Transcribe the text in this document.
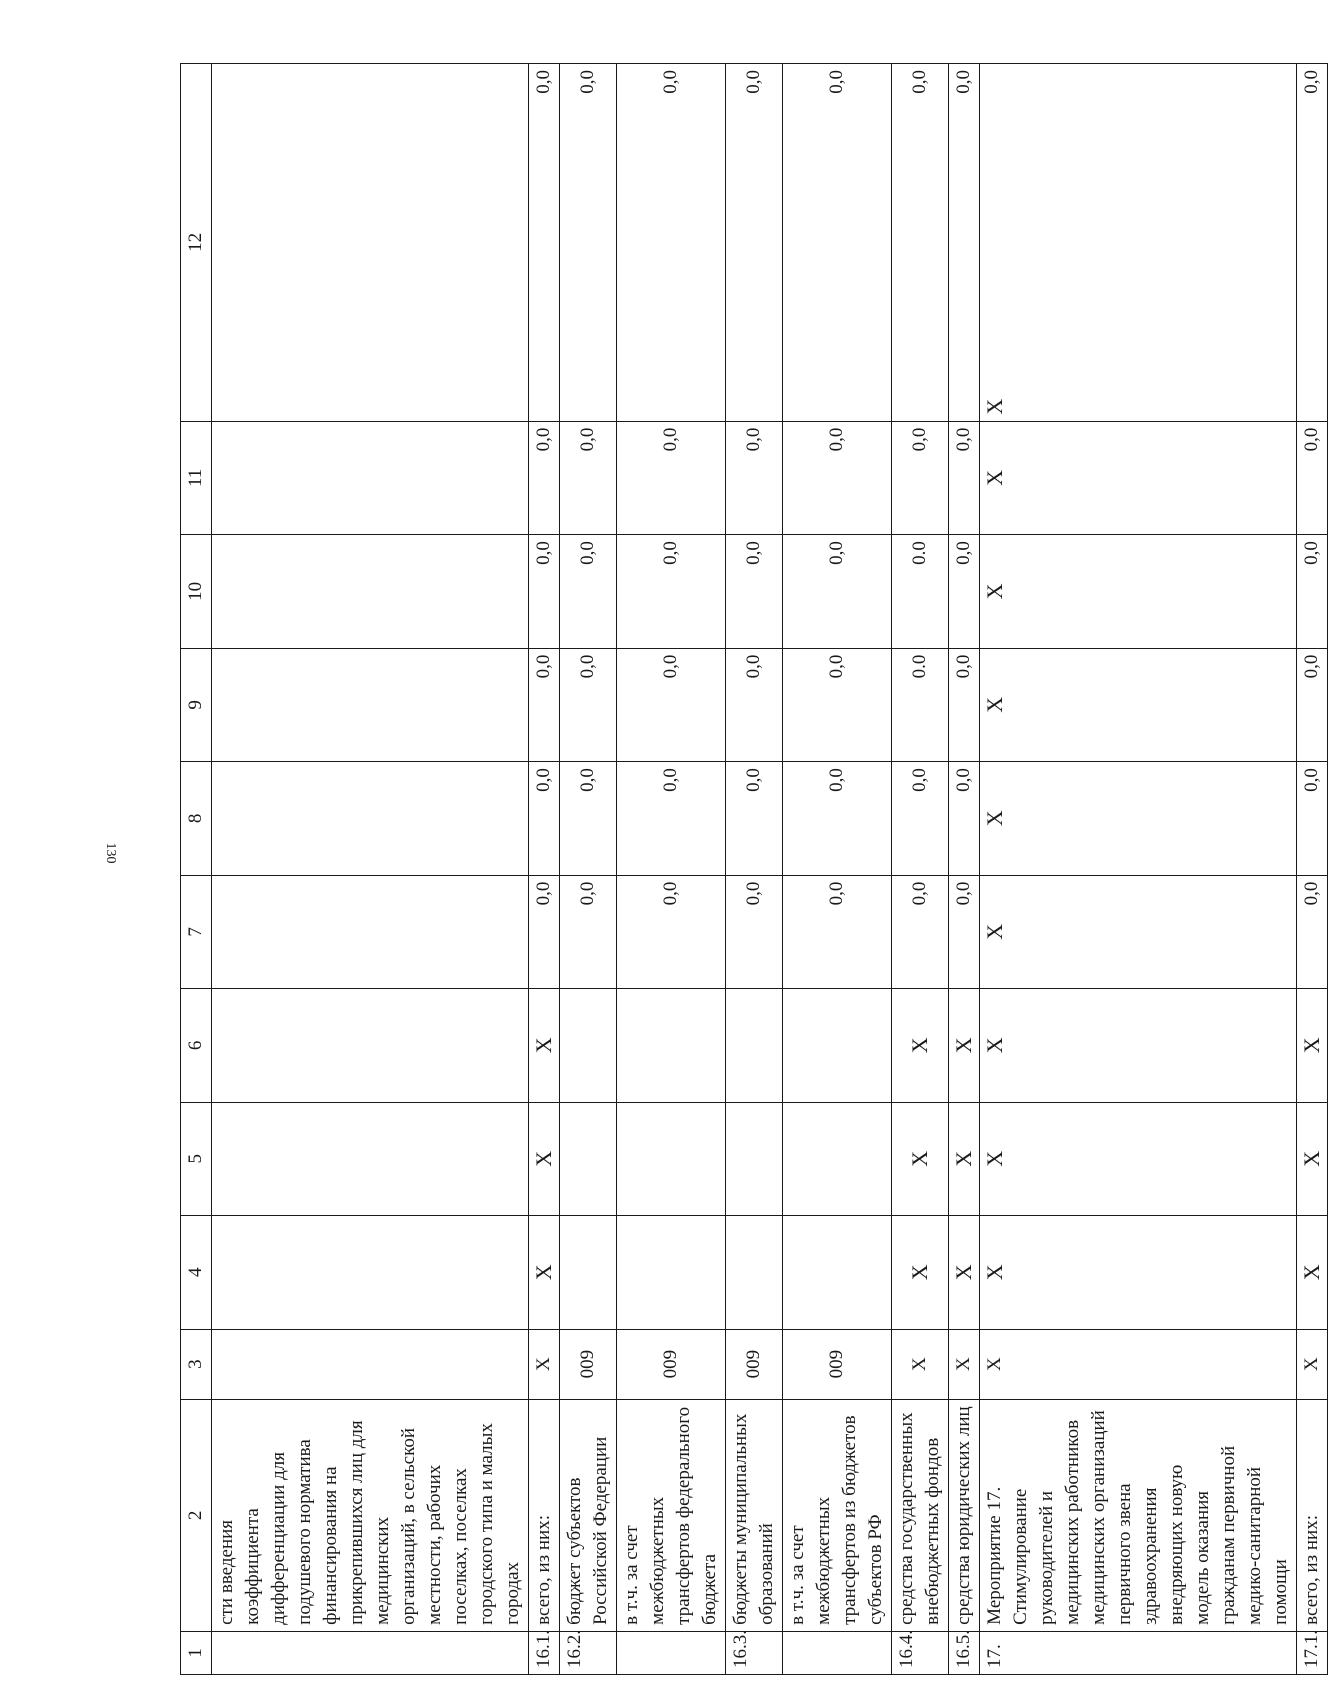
130
1	2	3	4	5	6	7	8	9	10	11	12
	сти введения коэффициента дифференциации для подушевого норматива финансирования на прикрепившихся лиц для медицинских организаций, в сельской местности, рабочих поселках, поселках городского типа и малых городах										
16.1.	всего, из них:	X	X	X	X	0,0	0,0	0,0	0,0	0,0	0,0
16.2.	бюджет субъектов Российской Федерации	009				0,0	0,0	0,0	0,0	0,0	0,0
	в т.ч. за счет межбюджетных трансфертов федерального бюджета	009				0,0	0,0	0,0	0,0	0,0	0,0
16.3.	бюджеты муниципальных образований	009				0,0	0,0	0,0	0,0	0,0	0,0
	в т.ч. за счет межбюджетных трансфертов из бюджетов субъектов РФ	009				0,0	0,0	0,0	0,0	0,0	0,0
16.4.	средства государственных внебюджетных фондов	X	X	X	X	0,0	0,0	0.0	0.0	0,0	0,0
16.5.	средства юридических лиц	X	X	X	X	0,0	0,0	0,0	0,0	0,0	0,0
17.	Мероприятие 17. Стимулирование руководителей и медицинских работников медицинских организаций первичного звена здравоохранения внедряющих новую модель оказания гражданам первичной медико-санитарной помощи	X	X	X	X	X	X	X	X	X	X
17.1.	всего, из них:	X	X	X	X	0,0	0,0	0,0	0,0	0,0	0,0
